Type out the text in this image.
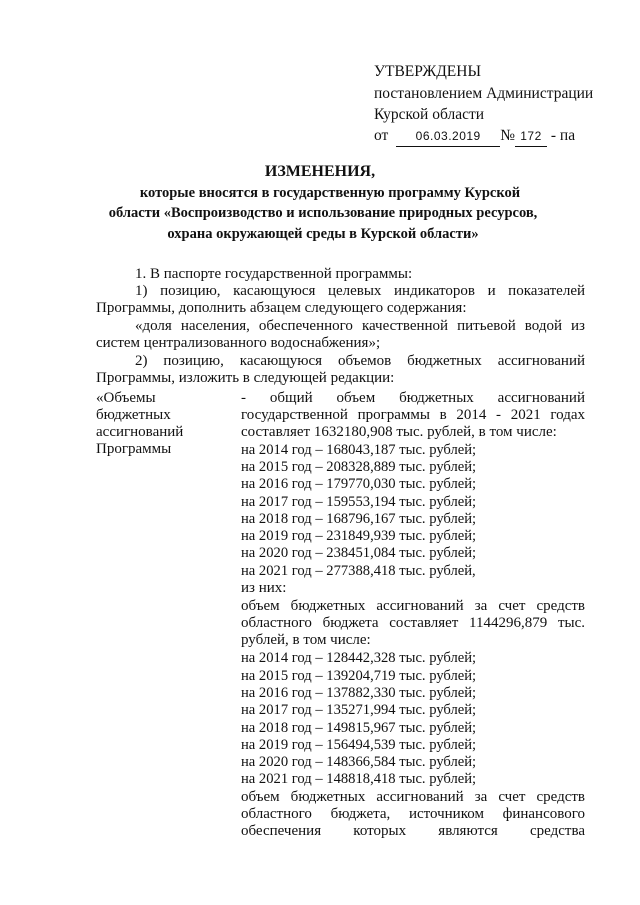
УТВЕРЖДЕНЫ
постановлением Администрации
Курской области
от 06.03.2019 № 172 - па
ИЗМЕНЕНИЯ,
которые вносятся в государственную программу Курской
области «Воспроизводство и использование природных ресурсов,
охрана окружающей среды в Курской области»
1. В паспорте государственной программы:
1) позицию, касающуюся целевых индикаторов и показателей
Программы, дополнить абзацем следующего содержания:
«доля населения, обеспеченного качественной питьевой водой из
систем централизованного водоснабжения»;
2) позицию, касающуюся объемов бюджетных ассигнований
Программы, изложить в следующей редакции:
«Объемы
бюджетных
ассигнований
Программы
- общий объем бюджетных ассигнований
государственной программы в 2014 - 2021 годах
составляет 1632180,908 тыс. рублей, в том числе:
на 2014 год – 168043,187 тыс. рублей;
на 2015 год – 208328,889 тыс. рублей;
на 2016 год – 179770,030 тыс. рублей;
на 2017 год – 159553,194 тыс. рублей;
на 2018 год – 168796,167 тыс. рублей;
на 2019 год – 231849,939 тыс. рублей;
на 2020 год – 238451,084 тыс. рублей;
на 2021 год – 277388,418 тыс. рублей,
из них:
объем бюджетных ассигнований за счет средств
областного бюджета составляет 1144296,879 тыс.
рублей, в том числе:
на 2014 год – 128442,328 тыс. рублей;
на 2015 год – 139204,719 тыс. рублей;
на 2016 год – 137882,330 тыс. рублей;
на 2017 год – 135271,994 тыс. рублей;
на 2018 год – 149815,967 тыс. рублей;
на 2019 год – 156494,539 тыс. рублей;
на 2020 год – 148366,584 тыс. рублей;
на 2021 год – 148818,418 тыс. рублей;
объем бюджетных ассигнований за счет средств
областного бюджета, источником финансового
обеспечения которых являются средства
